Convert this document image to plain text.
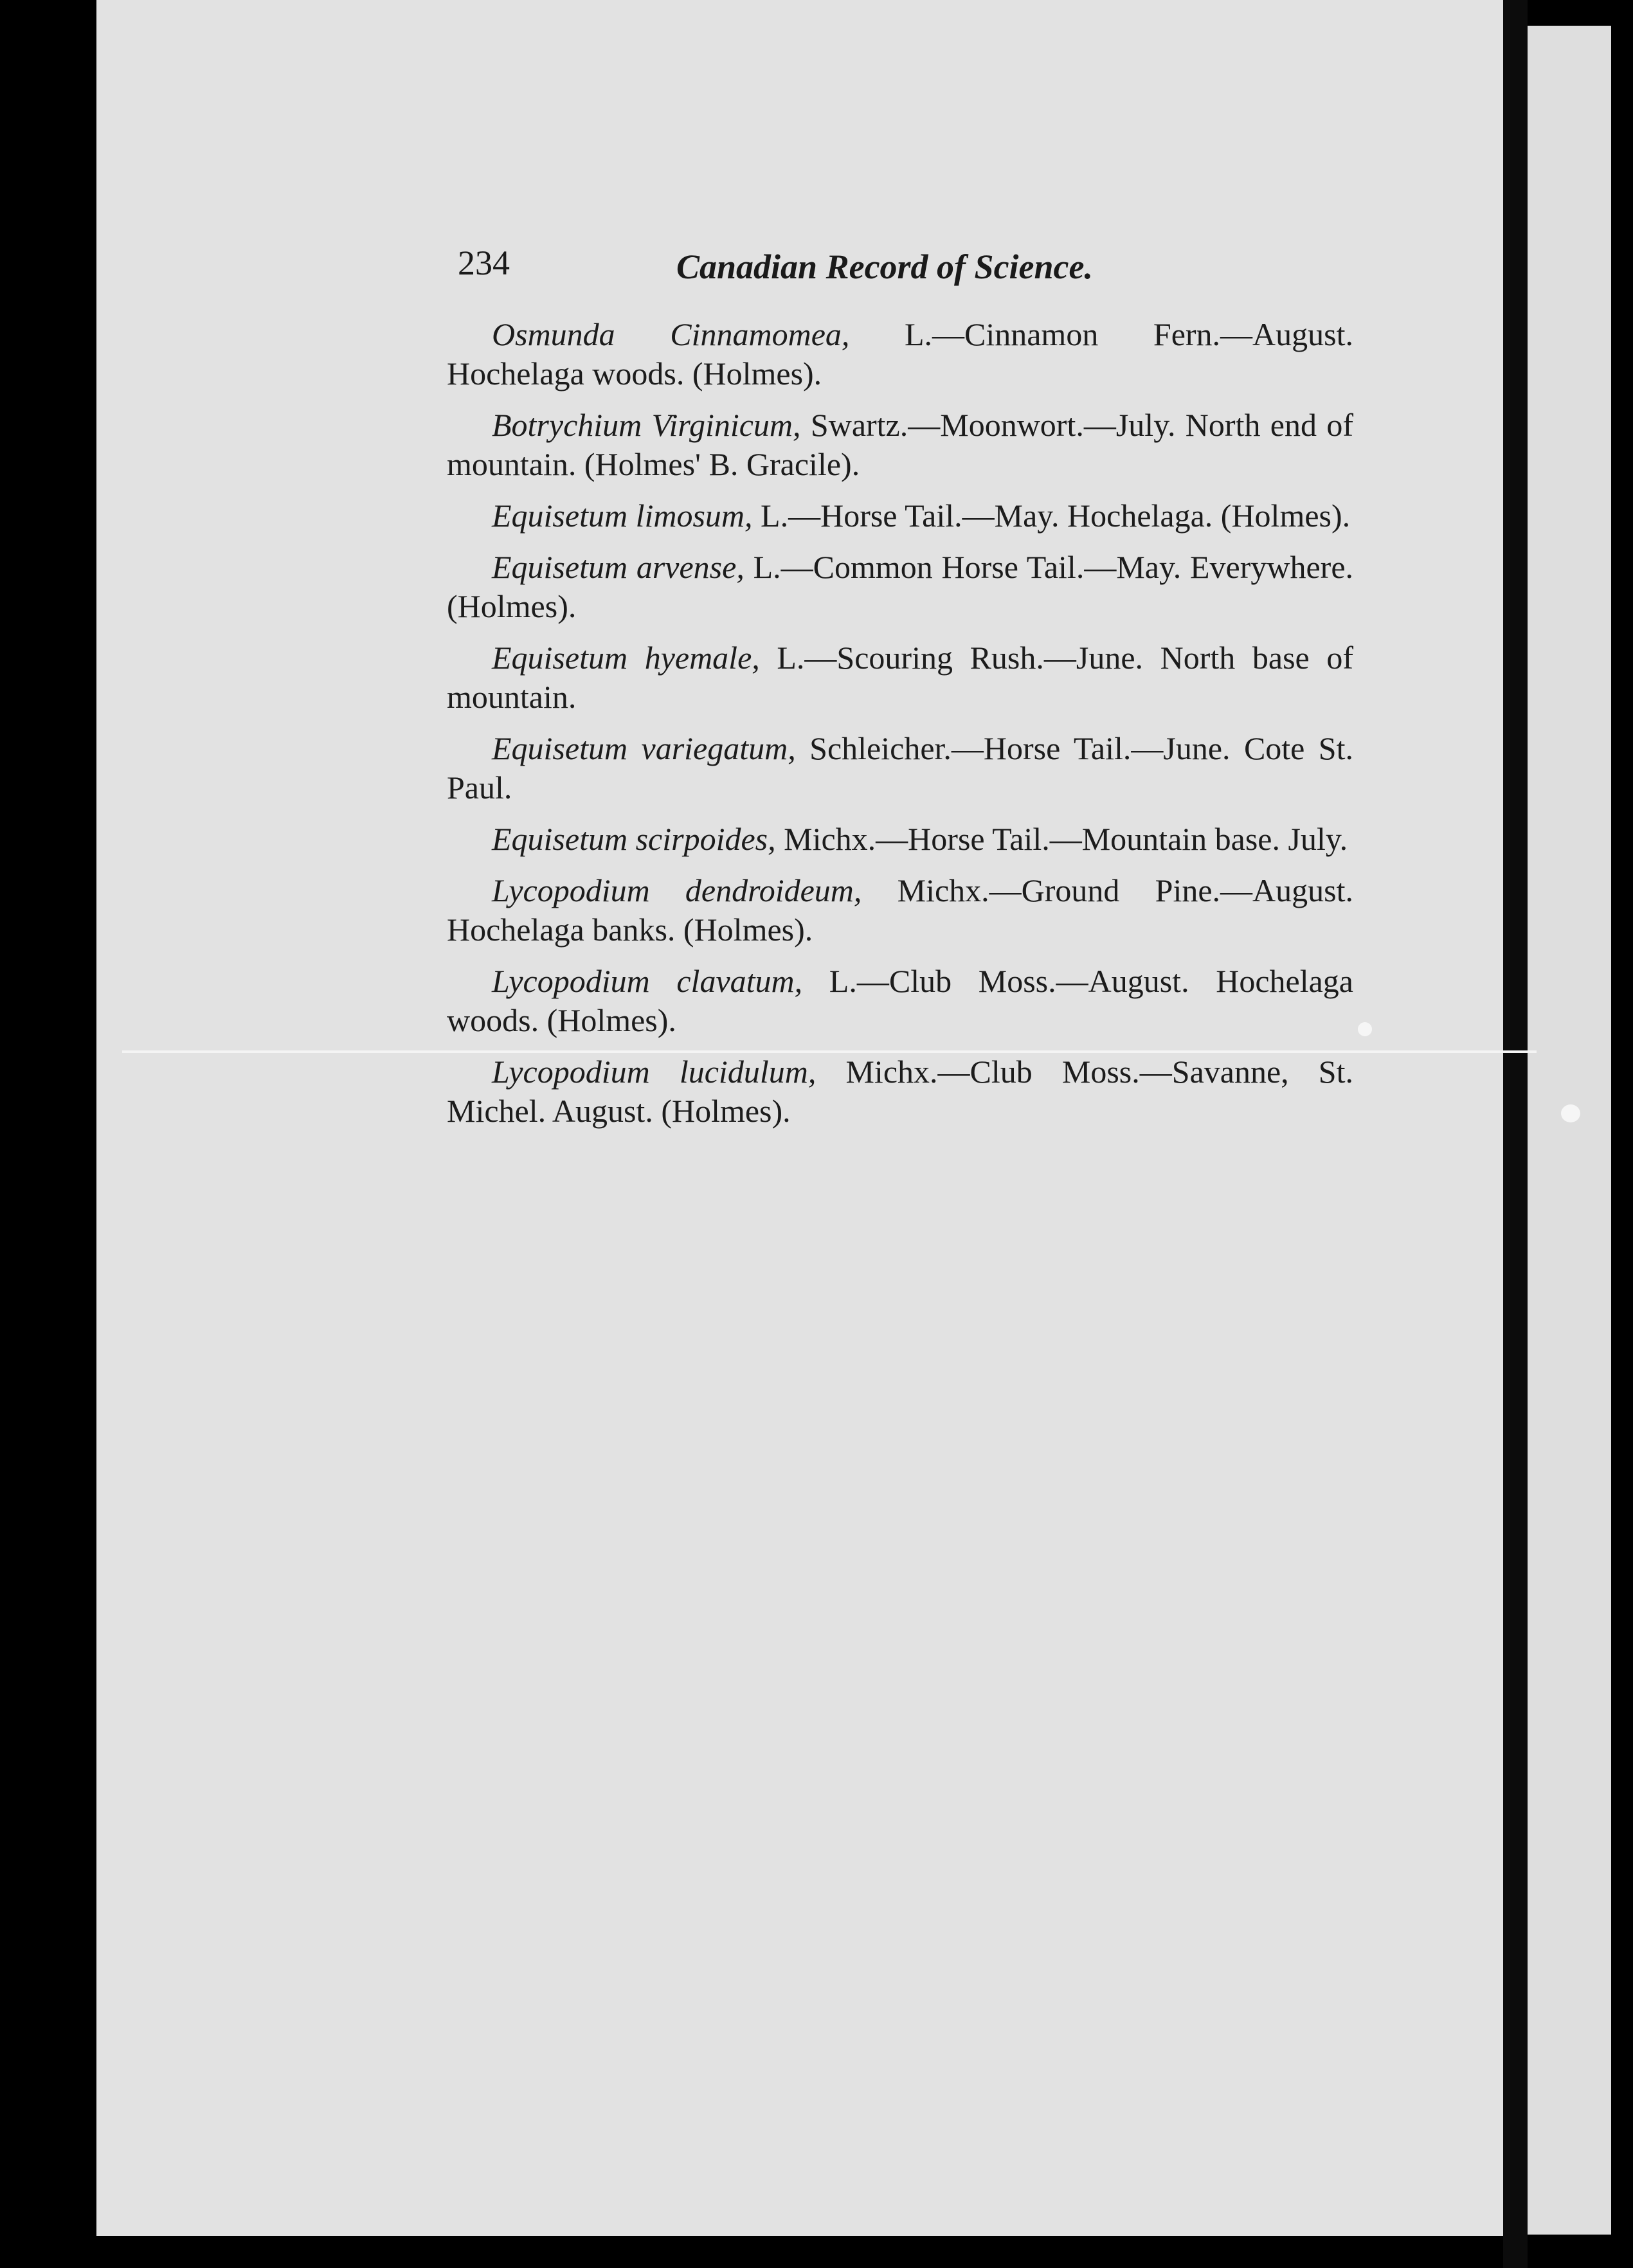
234	Canadian Record of Science.

Osmunda Cinnamomea, L.—Cinnamon Fern.—August. Hochelaga woods. (Holmes).

Botrychium Virginicum, Swartz.—Moonwort.—July. North end of mountain. (Holmes' B. Gracile).

Equisetum limosum, L.—Horse Tail.—May. Hochelaga. (Holmes).

Equisetum arvense, L.—Common Horse Tail.—May. Everywhere. (Holmes).

Equisetum hyemale, L.—Scouring Rush.—June. North base of mountain.

Equisetum variegatum, Schleicher.—Horse Tail.—June. Cote St. Paul.

Equisetum scirpoides, Michx.—Horse Tail.—Mountain base. July.

Lycopodium dendroideum, Michx.—Ground Pine.—August. Hochelaga banks. (Holmes).

Lycopodium clavatum, L.—Club Moss.—August. Hochelaga woods. (Holmes).

Lycopodium lucidulum, Michx.—Club Moss.—Savanne, St. Michel. August. (Holmes).
